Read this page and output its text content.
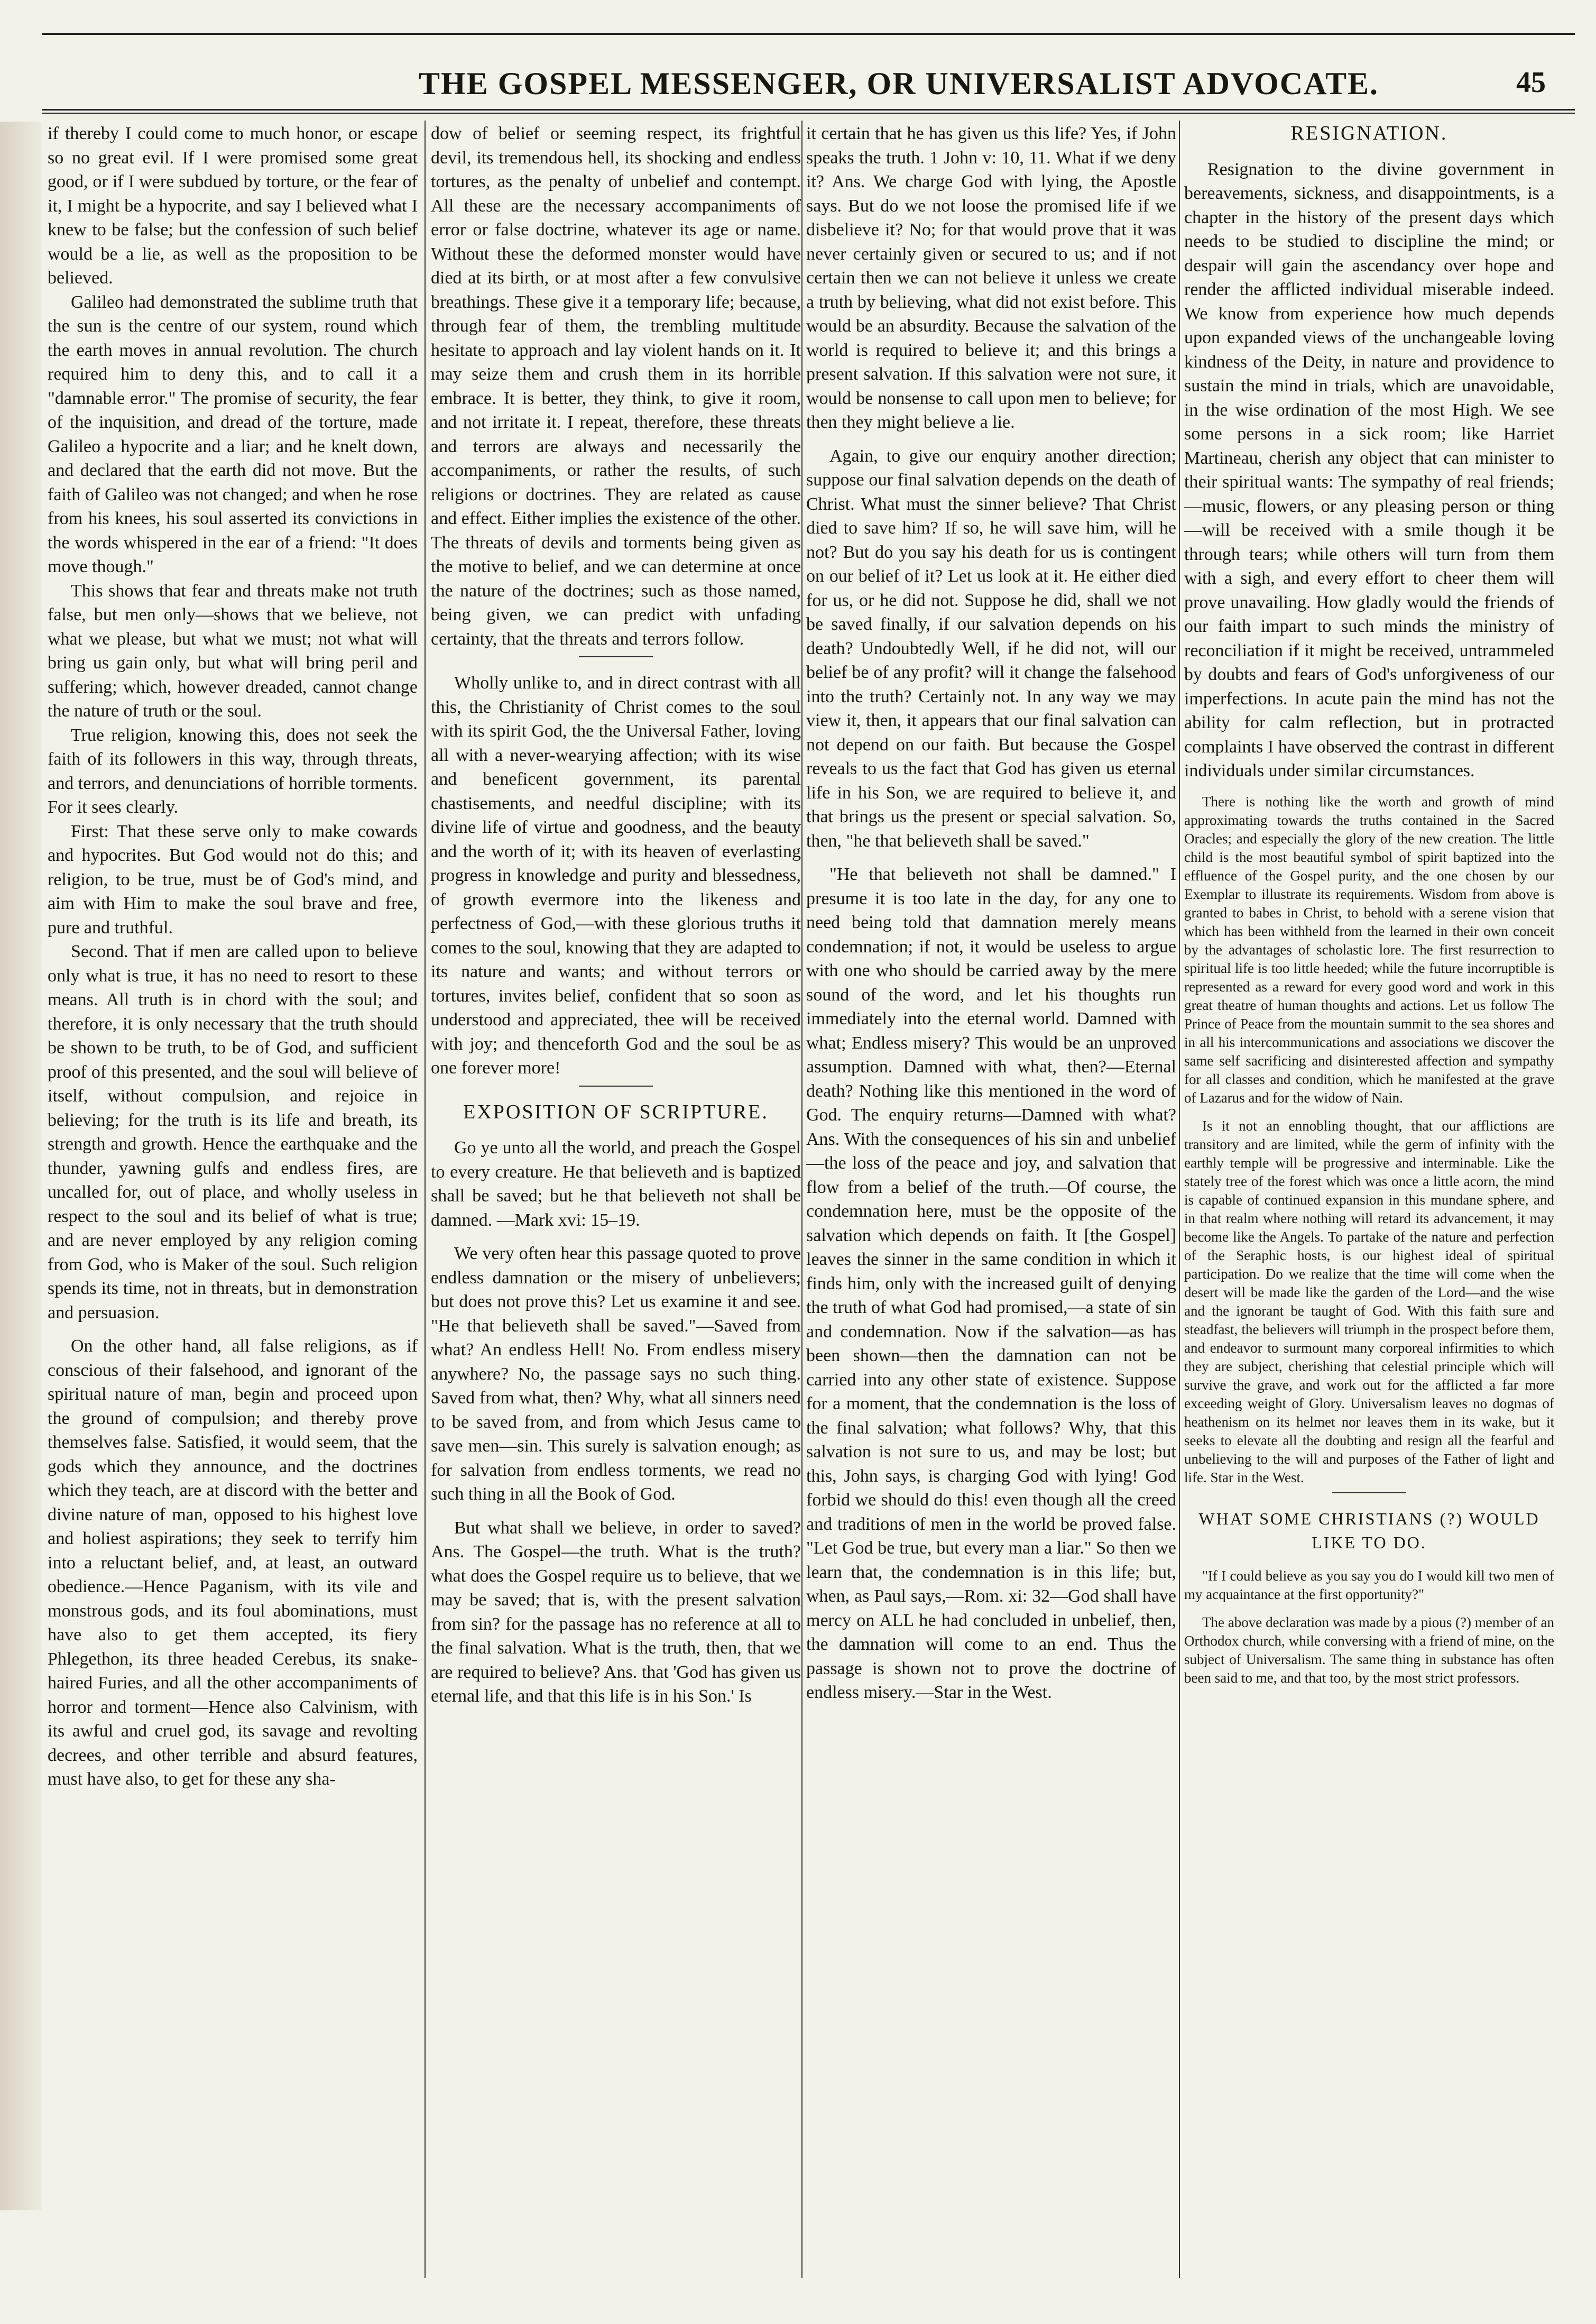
THE GOSPEL MESSENGER, OR UNIVERSALIST ADVOCATE.	45

if thereby I could come to much honor, or escape so no great evil. If I were promised some great good, or if I were subdued by torture, or the fear of it, I might be a hypocrite, and say I believed what I knew to be false; but the confession of such belief would be a lie, as well as the proposition to be believed.

Galileo had demonstrated the sublime truth that the sun is the centre of our system, round which the earth moves in annual revolution. The church required him to deny this, and to call it a "damnable error." The promise of security, the fear of the inquisition, and dread of the torture, made Galileo a hypocrite and a liar; and he knelt down, and declared that the earth did not move. But the faith of Galileo was not changed; and when he rose from his knees, his soul asserted its convictions in the words whispered in the ear of a friend: "It does move though."

This shows that fear and threats make not truth false, but men only—shows that we believe, not what we please, but what we must; not what will bring us gain only, but what will bring peril and suffering; which, however dreaded, cannot change the nature of truth or the soul.

True religion, knowing this, does not seek the faith of its followers in this way, through threats, and terrors, and denunciations of horrible torments. For it sees clearly.

First: That these serve only to make cowards and hypocrites. But God would not do this; and religion, to be true, must be of God's mind, and aim with Him to make the soul brave and free, pure and truthful.

Second. That if men are called upon to believe only what is true, it has no need to resort to these means. All truth is in chord with the soul; and therefore, it is only necessary that the truth should be shown to be truth, to be of God, and sufficient proof of this presented, and the soul will believe of itself, without compulsion, and rejoice in believing; for the truth is its life and breath, its strength and growth. Hence the earthquake and the thunder, yawning gulfs and endless fires, are uncalled for, out of place, and wholly useless in respect to the soul and its belief of what is true; and are never employed by any religion coming from God, who is Maker of the soul. Such religion spends its time, not in threats, but in demonstration and persuasion.

On the other hand, all false religions, as if conscious of their falsehood, and ignorant of the spiritual nature of man, begin and proceed upon the ground of compulsion; and thereby prove themselves false. Satisfied, it would seem, that the gods which they announce, and the doctrines which they teach, are at discord with the better and divine nature of man, opposed to his highest love and holiest aspirations; they seek to terrify him into a reluctant belief, and, at least, an outward obedience.—Hence Paganism, with its vile and monstrous gods, and its foul abominations, must have also to get them accepted, its fiery Phlegethon, its three headed Cerebus, its snake-haired Furies, and all the other accompaniments of horror and torment—Hence also Calvinism, with its awful and cruel god, its savage and revolting decrees, and other terrible and absurd features, must have also, to get for these any sha-

dow of belief or seeming respect, its frightful devil, its tremendous hell, its shocking and endless tortures, as the penalty of unbelief and contempt. All these are the necessary accompaniments of error or false doctrine, whatever its age or name. Without these the deformed monster would have died at its birth, or at most after a few convulsive breathings. These give it a temporary life; because, through fear of them, the trembling multitude hesitate to approach and lay violent hands on it. It may seize them and crush them in its horrible embrace. It is better, they think, to give it room, and not irritate it. I repeat, therefore, these threats and terrors are always and necessarily the accompaniments, or rather the results, of such religions or doctrines. They are related as cause and effect. Either implies the existence of the other. The threats of devils and torments being given as the motive to belief, and we can determine at once the nature of the doctrines; such as those named, being given, we can predict with unfading certainty, that the threats and terrors follow.

Wholly unlike to, and in direct contrast with all this, the Christianity of Christ comes to the soul with its spirit God, the the Universal Father, loving all with a never-wearying affection; with its wise and beneficent government, its parental chastisements, and needful discipline; with its divine life of virtue and goodness, and the beauty and the worth of it; with its heaven of everlasting progress in knowledge and purity and blessedness, of growth evermore into the likeness and perfectness of God,—with these glorious truths it comes to the soul, knowing that they are adapted to its nature and wants; and without terrors or tortures, invites belief, confident that so soon as understood and appreciated, thee will be received with joy; and thenceforth God and the soul be as one forever more!

EXPOSITION OF SCRIPTURE.

Go ye unto all the world, and preach the Gospel to every creature. He that believeth and is baptized shall be saved; but he that believeth not shall be damned. —Mark xvi: 15–19.

We very often hear this passage quoted to prove endless damnation or the misery of unbelievers; but does not prove this? Let us examine it and see. "He that believeth shall be saved."—Saved from what? An endless Hell! No. From endless misery anywhere? No, the passage says no such thing. Saved from what, then? Why, what all sinners need to be saved from, and from which Jesus came to save men—sin. This surely is salvation enough; as for salvation from endless torments, we read no such thing in all the Book of God.

But what shall we believe, in order to saved? Ans. The Gospel—the truth. What is the truth? what does the Gospel require us to believe, that we may be saved; that is, with the present salvation from sin? for the passage has no reference at all to the final salvation. What is the truth, then, that we are required to believe? Ans. that 'God has given us eternal life, and that this life is in his Son.' Is

it certain that he has given us this life? Yes, if John speaks the truth. 1 John v: 10, 11. What if we deny it? Ans. We charge God with lying, the Apostle says. But do we not loose the promised life if we disbelieve it? No; for that would prove that it was never certainly given or secured to us; and if not certain then we can not believe it unless we create a truth by believing, what did not exist before. This would be an absurdity. Because the salvation of the world is required to believe it; and this brings a present salvation. If this salvation were not sure, it would be nonsense to call upon men to believe; for then they might believe a lie.

Again, to give our enquiry another direction; suppose our final salvation depends on the death of Christ. What must the sinner believe? That Christ died to save him? If so, he will save him, will he not? But do you say his death for us is contingent on our belief of it? Let us look at it. He either died for us, or he did not. Suppose he did, shall we not be saved finally, if our salvation depends on his death? Undoubtedly Well, if he did not, will our belief be of any profit? will it change the falsehood into the truth? Certainly not. In any way we may view it, then, it appears that our final salvation can not depend on our faith. But because the Gospel reveals to us the fact that God has given us eternal life in his Son, we are required to believe it, and that brings us the present or special salvation. So, then, "he that believeth shall be saved."

"He that believeth not shall be damned." I presume it is too late in the day, for any one to need being told that damnation merely means condemnation; if not, it would be useless to argue with one who should be carried away by the mere sound of the word, and let his thoughts run immediately into the eternal world. Damned with what; Endless misery? This would be an unproved assumption. Damned with what, then?—Eternal death? Nothing like this mentioned in the word of God. The enquiry returns—Damned with what? Ans. With the consequences of his sin and unbelief—the loss of the peace and joy, and salvation that flow from a belief of the truth.—Of course, the condemnation here, must be the opposite of the salvation which depends on faith. It [the Gospel] leaves the sinner in the same condition in which it finds him, only with the increased guilt of denying the truth of what God had promised,—a state of sin and condemnation. Now if the salvation—as has been shown—then the damnation can not be carried into any other state of existence. Suppose for a moment, that the condemnation is the loss of the final salvation; what follows? Why, that this salvation is not sure to us, and may be lost; but this, John says, is charging God with lying! God forbid we should do this! even though all the creed and traditions of men in the world be proved false. "Let God be true, but every man a liar." So then we learn that, the condemnation is in this life; but, when, as Paul says,—Rom. xi: 32—God shall have mercy on ALL he had concluded in unbelief, then, the damnation will come to an end. Thus the passage is shown not to prove the doctrine of endless misery.—Star in the West.

RESIGNATION.

Resignation to the divine government in bereavements, sickness, and disappointments, is a chapter in the history of the present days which needs to be studied to discipline the mind; or despair will gain the ascendancy over hope and render the afflicted individual miserable indeed. We know from experience how much depends upon expanded views of the unchangeable loving kindness of the Deity, in nature and providence to sustain the mind in trials, which are unavoidable, in the wise ordination of the most High. We see some persons in a sick room; like Harriet Martineau, cherish any object that can minister to their spiritual wants: The sympathy of real friends;—music, flowers, or any pleasing person or thing—will be received with a smile though it be through tears; while others will turn from them with a sigh, and every effort to cheer them will prove unavailing. How gladly would the friends of our faith impart to such minds the ministry of reconciliation if it might be received, untrammeled by doubts and fears of God's unforgiveness of our imperfections. In acute pain the mind has not the ability for calm reflection, but in protracted complaints I have observed the contrast in different individuals under similar circumstances.

There is nothing like the worth and growth of mind approximating towards the truths contained in the Sacred Oracles; and especially the glory of the new creation. The little child is the most beautiful symbol of spirit baptized into the effluence of the Gospel purity, and the one chosen by our Exemplar to illustrate its requirements. Wisdom from above is granted to babes in Christ, to behold with a serene vision that which has been withheld from the learned in their own conceit by the advantages of scholastic lore. The first resurrection to spiritual life is too little heeded; while the future incorruptible is represented as a reward for every good word and work in this great theatre of human thoughts and actions. Let us follow The Prince of Peace from the mountain summit to the sea shores and in all his intercommunications and associations we discover the same self sacrificing and disinterested affection and sympathy for all classes and condition, which he manifested at the grave of Lazarus and for the widow of Nain.

Is it not an ennobling thought, that our afflictions are transitory and are limited, while the germ of infinity with the earthly temple will be progressive and interminable. Like the stately tree of the forest which was once a little acorn, the mind is capable of continued expansion in this mundane sphere, and in that realm where nothing will retard its advancement, it may become like the Angels. To partake of the nature and perfection of the Seraphic hosts, is our highest ideal of spiritual participation. Do we realize that the time will come when the desert will be made like the garden of the Lord—and the wise and the ignorant be taught of God. With this faith sure and steadfast, the believers will triumph in the prospect before them, and endeavor to surmount many corporeal infirmities to which they are subject, cherishing that celestial principle which will survive the grave, and work out for the afflicted a far more exceeding weight of Glory. Universalism leaves no dogmas of heathenism on its helmet nor leaves them in its wake, but it seeks to elevate all the doubting and resign all the fearful and unbelieving to the will and purposes of the Father of light and life. Star in the West.

WHAT SOME CHRISTIANS (?) WOULD LIKE TO DO.

"If I could believe as you say you do I would kill two men of my acquaintance at the first opportunity?"

The above declaration was made by a pious (?) member of an Orthodox church, while conversing with a friend of mine, on the subject of Universalism. The same thing in substance has often been said to me, and that too, by the most strict professors.
